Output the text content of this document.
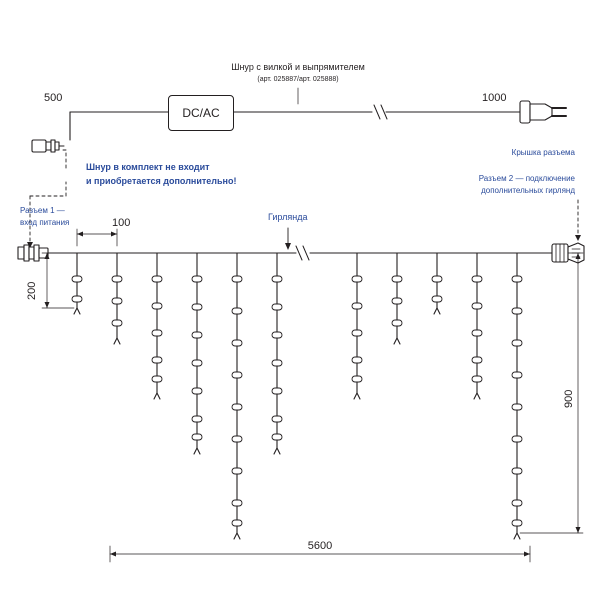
Шнур с вилкой и выпрямителем
(арт. 025887/арт. 025888)
500	1000
DC/AC
Шнур в комплект не входит
и приобретается дополнительно!
Разъем 1 —
вход питания
Гирлянда
Крышка разъема
Разъем 2 — подключение
дополнительных гирлянд
100
200
900
5600
